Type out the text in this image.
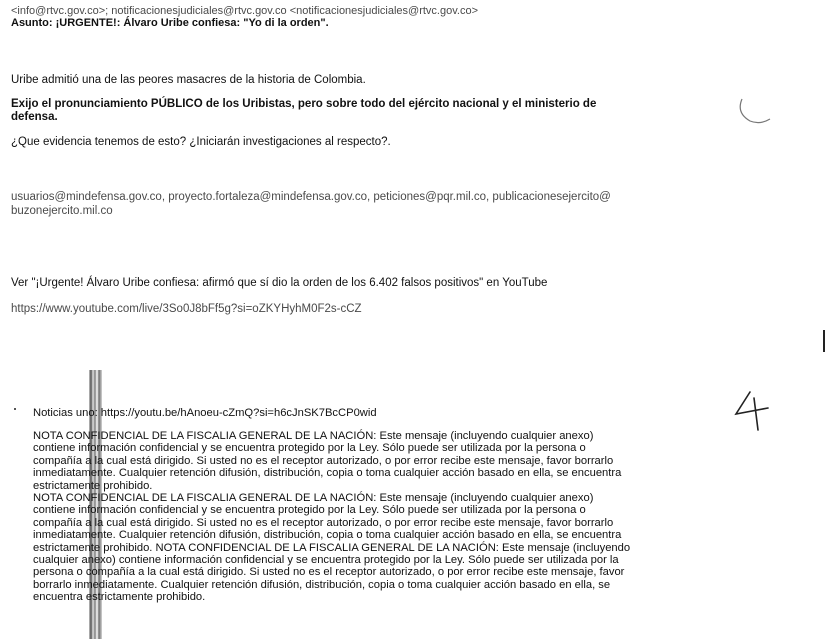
<info@rtvc.gov.co>; notificacionesjudiciales@rtvc.gov.co <notificacionesjudiciales@rtvc.gov.co>
Asunto: ¡URGENTE!: Álvaro Uribe confiesa: "Yo di la orden".
Uribe admitió una de las peores masacres de la historia de Colombia.
Exijo el pronunciamiento PÚBLICO de los Uribistas, pero sobre todo del ejército nacional y el ministerio de
defensa.
¿Que evidencia tenemos de esto? ¿Iniciarán investigaciones al respecto?.
usuarios@mindefensa.gov.co, proyecto.fortaleza@mindefensa.gov.co, peticiones@pqr.mil.co, publicacionesejercito@
buzonejercito.mil.co
Ver "¡Urgente! Álvaro Uribe confiesa: afirmó que sí dio la orden de los 6.402 falsos positivos" en YouTube
https://www.youtube.com/live/3So0J8bFf5g?si=oZKYHyhM0F2s-cCZ
Noticias uno: https://youtu.be/hAnoeu-cZmQ?si=h6cJnSK7BcCP0wid

NOTA CONFIDENCIAL DE LA FISCALIA GENERAL DE LA NACIÓN: Este mensaje (incluyendo cualquier anexo)

contiene información confidencial y se encuentra protegido por la Ley. Sólo puede ser utilizada por la persona o

compañía a la cual está dirigido. Si usted no es el receptor autorizado, o por error recibe este mensaje, favor borrarlo

inmediatamente. Cualquier retención difusión, distribución, copia o toma cualquier acción basado en ella, se encuentra

estrictamente prohibido.

NOTA CONFIDENCIAL DE LA FISCALIA GENERAL DE LA NACIÓN: Este mensaje (incluyendo cualquier anexo)

contiene información confidencial y se encuentra protegido por la Ley. Sólo puede ser utilizada por la persona o

compañía a la cual está dirigido. Si usted no es el receptor autorizado, o por error recibe este mensaje, favor borrarlo

inmediatamente. Cualquier retención difusión, distribución, copia o toma cualquier acción basado en ella, se encuentra

estrictamente prohibido. NOTA CONFIDENCIAL DE LA FISCALIA GENERAL DE LA NACIÓN: Este mensaje (incluyendo

cualquier anexo) contiene información confidencial y se encuentra protegido por la Ley. Sólo puede ser utilizada por la

persona o compañía a la cual está dirigido. Si usted no es el receptor autorizado, o por error recibe este mensaje, favor

borrarlo inmediatamente. Cualquier retención difusión, distribución, copia o toma cualquier acción basado en ella, se

encuentra estrictamente prohibido.
